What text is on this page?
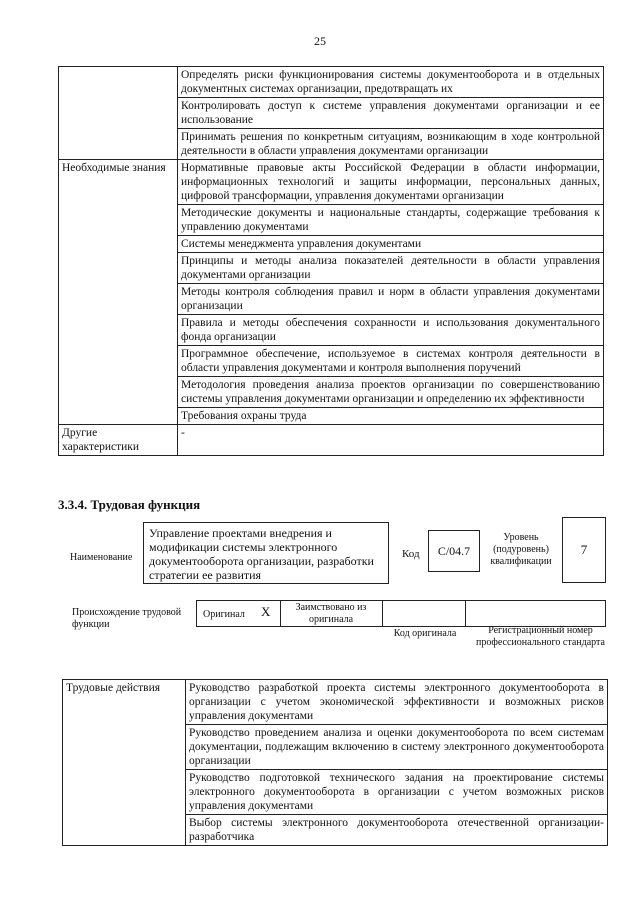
25
	Определять риски функционирования системы документооборота и в отдельных документных системах организации, предотвращать их
	Контролировать доступ к системе управления документами организации и ее использование
	Принимать решения по конкретным ситуациям, возникающим в ходе контрольной деятельности в области управления документами организации
Необходимые знания	Нормативные правовые акты Российской Федерации в области информации, информационных технологий и защиты информации, персональных данных, цифровой трансформации, управления документами организации
	Методические документы и национальные стандарты, содержащие требования к управлению документами
	Системы менеджмента управления документами
	Принципы и методы анализа показателей деятельности в области управления документами организации
	Методы контроля соблюдения правил и норм в области управления документами организации
	Правила и методы обеспечения сохранности и использования документального фонда организации
	Программное обеспечение, используемое в системах контроля деятельности в области управления документами и контроля выполнения поручений
	Методология проведения анализа проектов организации по совершенствованию системы управления документами организации и определению их эффективности
	Требования охраны труда
Другие характеристики	-
3.3.4. Трудовая функция
Наименование
Управление проектами внедрения и модификации системы электронного документооборота организации, разработки стратегии ее развития
Код	С/04.7
Уровень (подуровень) квалификации
7
Происхождение трудовой функции
Оригинал X	Заимствовано из оригинала
Код оригинала	Регистрационный номер профессионального стандарта
Трудовые действия	Руководство разработкой проекта системы электронного документооборота в организации с учетом экономической эффективности и возможных рисков управления документами
Руководство проведением анализа и оценки документооборота по всем системам документации, подлежащим включению в систему электронного документооборота организации
Руководство подготовкой технического задания на проектирование системы электронного документооборота в организации с учетом возможных рисков управления документами
Выбор системы электронного документооборота отечественной организации-разработчика
